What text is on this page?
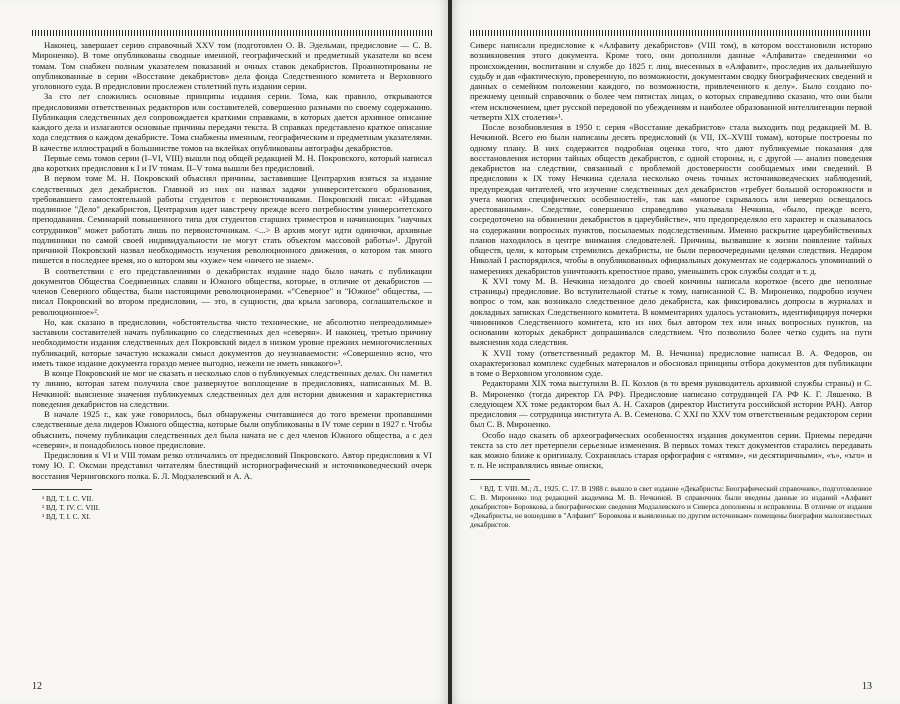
Наконец, завершает серию справочный XXV том (подготовлен О. В. Эдельман, предисловие — С. В. Мироненко). В томе опубликованы сводные именной, географический и предметный указатели ко всем томам. Том снабжен полным указателем показаний и очных ставок декабристов. Проаннотированы не опубликованные в серии «Восстание декабристов» дела фонда Следственного комитета и Верховного уголовного суда. В предисловии прослежен столетний путь издания серии.

За сто лет сложились основные принципы издания серии. Тома, как правило, открываются предисловиями ответственных редакторов или составителей, совершенно разными по своему содержанию. Публикация следственных дел сопровождается краткими справками, в которых дается архивное описание каждого дела и излагаются основные причины передачи текста. В справках представлено краткое описание хода следствия о каждом декабристе. Тома снабжены именным, географическим и предметным указателями. В качестве иллюстраций в большинстве томов на вклейках опубликованы автографы декабристов.

Первые семь томов серии (I–VI, VIII) вышли под общей редакцией М. Н. Покровского, который написал два коротких предисловия к I и IV томам. II–V тома вышли без предисловий.

В первом томе М. Н. Покровский объяснял причины, заставившие Центрархив взяться за издание следственных дел декабристов. Главной из них он назвал задачи университетского образования, требовавшего самостоятельной работы студентов с первоисточниками. Покровский писал: «Издавая подлинное "Дело" декабристов, Центрархив идет навстречу прежде всего потребностям университетского преподавания. Семинарий повышенного типа для студентов старших триместров и начинающих "научных сотрудников" может работать лишь по первоисточникам. <...> В архив могут идти одиночки, архивные подлинники по самой своей индивидуальности не могут стать объектом массовой работы»¹. Другой причиной Покровский назвал необходимость изучения революционного движения, о котором так много пишется в последнее время, но о котором мы «хуже» чем «ничего не знаем».

В соответствии с его представлениями о декабристах издание надо было начать с публикации документов Общества Соединенных славян и Южного общества, которые, в отличие от декабристов — членов Северного общества, были настоящими революционерами. «"Северное" и "Южное" общества, — писал Покровский во втором предисловии, — это, в сущности, два крыла заговора, соглашательское и революционное»².

Но, как сказано в предисловии, «обстоятельства чисто технические, не абсолютно непреодолимые» заставили составителей начать публикацию со следственных дел «северян». И наконец, третью причину необходимости издания следственных дел Покровский видел в низком уровне прежних немногочисленных публикаций, которые зачастую искажали смысл документов до неузнаваемости: «Совершенно ясно, что иметь такое издание документа гораздо менее выгодно, нежели не иметь никакого»³.

В конце Покровский не мог не сказать и несколько слов о публикуемых следственных делах. Он наметил ту линию, которая затем получила свое развернутое воплощение в предисловиях, написанных М. В. Нечкиной: выяснение значения публикуемых следственных дел для истории движения и характеристика поведения декабристов на следствии.

В начале 1925 г., как уже говорилось, был обнаружены считавшиеся до того времени пропавшими следственные дела лидеров Южного общества, которые были опубликованы в IV томе серии в 1927 г. Чтобы объяснить, почему публикация следственных дел была начата не с дел членов Южного общества, а с дел «северян», и понадобилось новое предисловие.

Предисловия к VI и VIII томам резко отличались от предисловий Покровского. Автор предисловия к VI тому Ю. Г. Оксман представил читателям блестящий историографический и источниковедческий очерк восстания Черниговского полка. Б. Л. Модзалевский и А. А.

¹ ВД. Т. I. С. VII.

² ВД. Т. IV. С. VIII.

³ ВД. Т. I. С. XI.

12

Сиверс написали предисловие к «Алфавиту декабристов» (VIII том), в котором восстановили историю возникновения этого документа. Кроме того, они дополнили данные «Алфавита» сведениями «о происхождении, воспитании и службе до 1825 г. лиц, внесенных в «Алфавит», проследив их дальнейшую судьбу и дав «фактическую, проверенную, по возможности, документами сводку биографических сведений и данных о семейном положении каждого, по возможности, привлеченного к делу». Было создано по-прежнему ценный справочник о более чем пятистах лицах, о которых справедливо сказано, что они были «тем исключением, цвет русской передовой по убеждениям и наиболее образованной интеллигенции первой четверти XIX столетия»¹.

После возобновления в 1950 г. серия «Восстание декабристов» стала выходить под редакцией М. В. Нечкиной. Всего ею были написаны десять предисловий (к VII, IX–XVIII томам), которые построены по одному плану. В них содержится подробная оценка того, что дают публикуемые показания для восстановления истории тайных обществ декабристов, с одной стороны, и, с другой — анализ поведения декабристов на следствии, связанный с проблемой достоверности сообщаемых ими сведений. В предисловии к IX тому Нечкина сделала несколько очень точных источниковедческих наблюдений, предупреждая читателей, что изучение следственных дел декабристов «требует большой осторожности и учета многих специфических особенностей», так как «многое скрывалось или неверно освещалось арестованными». Следствие, совершенно справедливо указывала Нечкина, «было, прежде всего, сосредоточено на обвинении декабристов в цареубийстве», что предопределяло его характер и сказывалось на содержании вопросных пунктов, посылаемых подследственным. Именно раскрытие цареубийственных планов находилось в центре внимания следователей. Причины, вызвавшие к жизни появление тайных обществ, цели, к которым стремились декабристы, не были первоочередными целями следствия. Недаром Николай I распорядился, чтобы в опубликованных официальных документах не содержалось упоминаний о намерениях декабристов уничтожить крепостное право, уменьшить срок службы солдат и т. д.

К XVI тому М. В. Нечкина незадолго до своей кончины написала короткое (всего две неполные страницы) предисловие. Во вступительной статье к тому, написанной С. В. Мироненко, подробно изучен вопрос о том, как возникало следственное дело декабриста, как фиксировались допросы в журналах и докладных записках Следственного комитета. В комментариях удалось установить, идентифицируя почерки чиновников Следственного комитета, кто из них был автором тех или иных вопросных пунктов, на основании которых декабрист допрашивался следствием. Что позволило более четко судить на пути выяснения хода следствия.

К XVII тому (ответственный редактор М. В. Нечкина) предисловие написал В. А. Федоров, он охарактеризовал комплекс судебных материалов и обосновал принципы отбора документов для публикации в томе о Верховном уголовном суде.

Редакторами XIX тома выступили В. П. Козлов (в то время руководитель архивной службы страны) и С. В. Мироненко (тогда директор ГА РФ). Предисловие написано сотрудницей ГА РФ К. Г. Ляшенко. В следующем XX томе редактором был А. Н. Сахаров (директор Института российской истории РАН). Автор предисловия — сотрудница института А. В. Семенова. С XXI по XXV том ответственным редактором серии был С. В. Мироненко.

Особо надо сказать об археографических особенностях издания документов серии. Приемы передачи текста за сто лет претерпели серьезные изменения. В первых томах текст документов старались передавать как можно ближе к оригиналу. Сохранялась старая орфография с «ятями», «и десятиричными», «ъ», «ъго» и т. п. Не исправлялись явные описки,

¹ ВД. Т. VIII. М.; Л., 1925. С. 17. В 1988 г. вышло в свет издание «Декабристы: Биографический справочник», подготовленное С. В. Мироненко под редакцией академика М. В. Нечкиной. В справочник были введены данные из изданий «Алфавит декабристов» Боровкова, а биографические сведения Модзалевского и Сиверса дополнены и исправлены. В отличие от издания «Декабристы, не вошедшие в "Алфавит" Боровкова и выявленные по другим источникам» помещены биографии малоизвестных декабристов.

13
